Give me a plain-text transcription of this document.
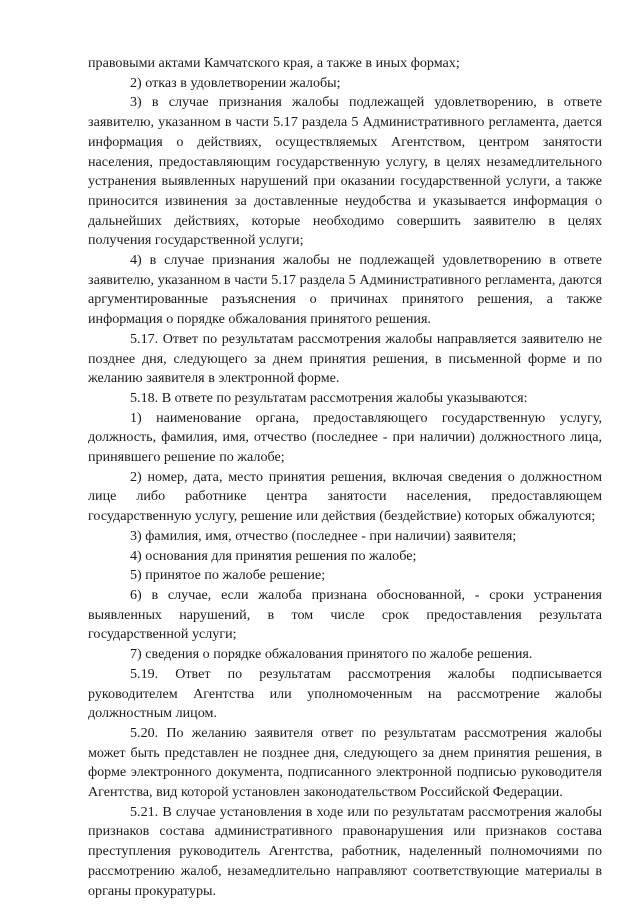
правовыми актами Камчатского края, а также в иных формах;

2) отказ в удовлетворении жалобы;

3) в случае признания жалобы подлежащей удовлетворению, в ответе заявителю, указанном в части 5.17 раздела 5 Административного регламента, дается информация о действиях, осуществляемых Агентством, центром занятости населения, предоставляющим государственную услугу, в целях незамедлительного устранения выявленных нарушений при оказании государственной услуги, а также приносится извинения за доставленные неудобства и указывается информация о дальнейших действиях, которые необходимо совершить заявителю в целях получения государственной услуги;

4) в случае признания жалобы не подлежащей удовлетворению в ответе заявителю, указанном в части 5.17 раздела 5 Административного регламента, даются аргументированные разъяснения о причинах принятого решения, а также информация о порядке обжалования принятого решения.

5.17. Ответ по результатам рассмотрения жалобы направляется заявителю не позднее дня, следующего за днем принятия решения, в письменной форме и по желанию заявителя в электронной форме.

5.18. В ответе по результатам рассмотрения жалобы указываются:

1) наименование органа, предоставляющего государственную услугу, должность, фамилия, имя, отчество (последнее - при наличии) должностного лица, принявшего решение по жалобе;

2) номер, дата, место принятия решения, включая сведения о должностном лице либо работнике центра занятости населения, предоставляющем государственную услугу, решение или действия (бездействие) которых обжалуются;

3) фамилия, имя, отчество (последнее - при наличии) заявителя;

4) основания для принятия решения по жалобе;

5) принятое по жалобе решение;

6) в случае, если жалоба признана обоснованной, - сроки устранения выявленных нарушений, в том числе срок предоставления результата государственной услуги;

7) сведения о порядке обжалования принятого по жалобе решения.

5.19. Ответ по результатам рассмотрения жалобы подписывается руководителем Агентства или уполномоченным на рассмотрение жалобы должностным лицом.

5.20. По желанию заявителя ответ по результатам рассмотрения жалобы может быть представлен не позднее дня, следующего за днем принятия решения, в форме электронного документа, подписанного электронной подписью руководителя Агентства, вид которой установлен законодательством Российской Федерации.

5.21. В случае установления в ходе или по результатам рассмотрения жалобы признаков состава административного правонарушения или признаков состава преступления руководитель Агентства, работник, наделенный полномочиями по рассмотрению жалоб, незамедлительно направляют соответствующие материалы в органы прокуратуры.
